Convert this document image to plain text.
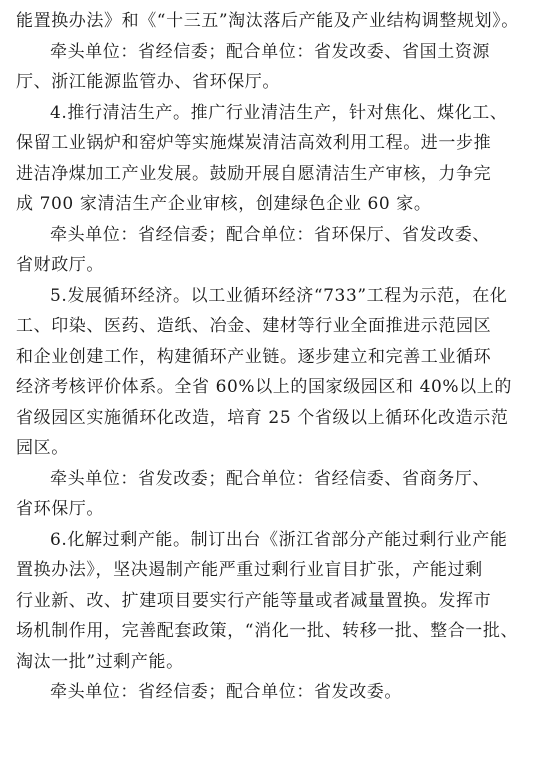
能置换办法》和《“十三五”淘汰落后产能及产业结构调整规划》。
牵头单位：省经信委；配合单位：省发改委、省国土资源
厅、浙江能源监管办、省环保厅。
4.推行清洁生产。推广行业清洁生产，针对焦化、煤化工、
保留工业锅炉和窑炉等实施煤炭清洁高效利用工程。进一步推
进洁净煤加工产业发展。鼓励开展自愿清洁生产审核，力争完
成 700 家清洁生产企业审核，创建绿色企业 60 家。
牵头单位：省经信委；配合单位：省环保厅、省发改委、
省财政厅。
5.发展循环经济。以工业循环经济“733”工程为示范，在化
工、印染、医药、造纸、冶金、建材等行业全面推进示范园区
和企业创建工作，构建循环产业链。逐步建立和完善工业循环
经济考核评价体系。全省 60%以上的国家级园区和 40%以上的
省级园区实施循环化改造，培育 25 个省级以上循环化改造示范
园区。
牵头单位：省发改委；配合单位：省经信委、省商务厅、
省环保厅。
6.化解过剩产能。制订出台《浙江省部分产能过剩行业产能
置换办法》，坚决遏制产能严重过剩行业盲目扩张，产能过剩
行业新、改、扩建项目要实行产能等量或者减量置换。发挥市
场机制作用，完善配套政策，“消化一批、转移一批、整合一批、
淘汰一批”过剩产能。
牵头单位：省经信委；配合单位：省发改委。
